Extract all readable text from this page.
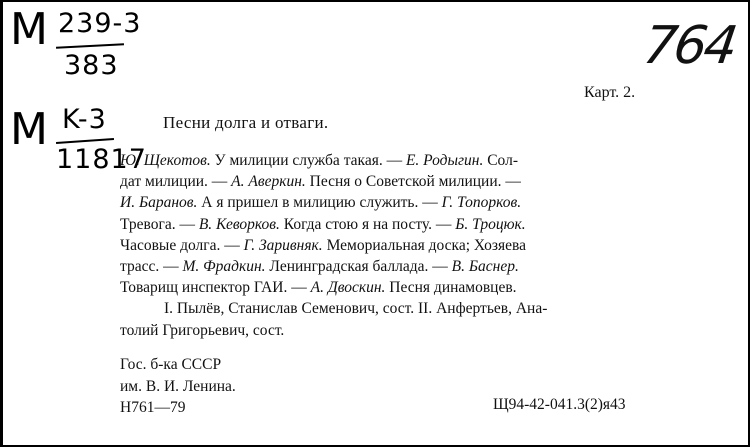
M 239-3
383
M K-3
11817
764
Карт. 2.
Песни долга и отваги.
Ю. Щекотов. У милиции служба такая. — Е. Родыгин. Сол-
дат милиции. — А. Аверкин. Песня о Советской милиции. —
И. Баранов. А я пришел в милицию служить. — Г. Топорков.
Тревога. — В. Кеворков. Когда стою я на посту. — Б. Троцюк.
Часовые долга. — Г. Заривняк. Мемориальная доска; Хозяева
трасс. — М. Фрадкин. Ленинградская баллада. — В. Баснер.
Товарищ инспектор ГАИ. — А. Двоскин. Песня динамовцев.
I. Пылёв, Станислав Семенович, сост. II. Анфертьев, Ана-
толий Григорьевич, сост.
Гос. б-ка СССР
им. В. И. Ленина.
Н761—79	Щ94-42-041.3(2)я43
